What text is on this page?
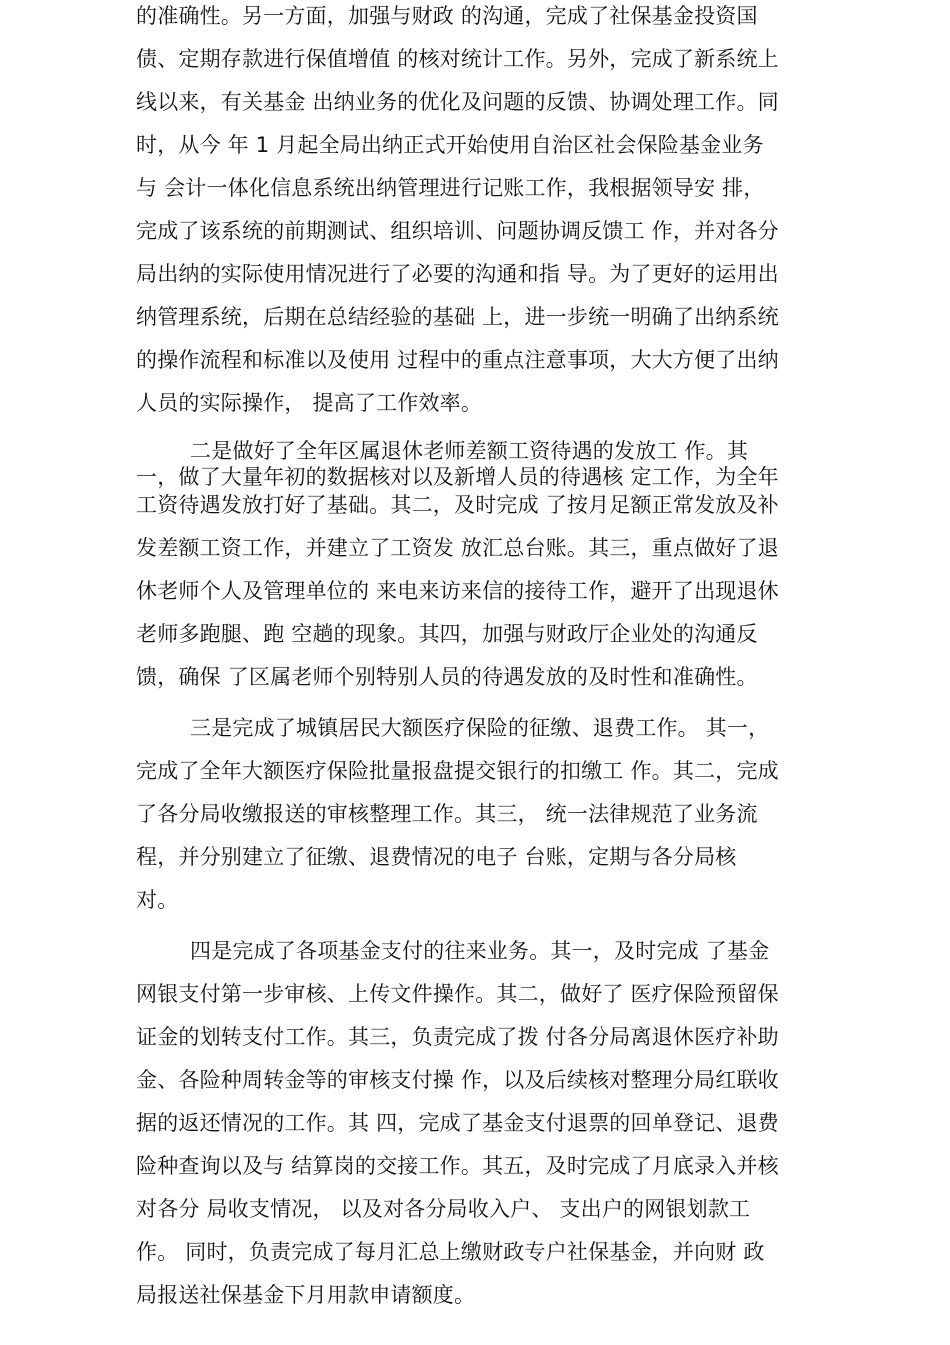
的准确性。另一方面，加强与财政 的沟通，完成了社保基金投资国
债、定期存款进行保值增值 的核对统计工作。另外，完成了新系统上
线以来，有关基金 出纳业务的优化及问题的反馈、协调处理工作。同
时，从今 年 1 月起全局出纳正式开始使用自治区社会保险基金业务
与 会计一体化信息系统出纳管理进行记账工作，我根据领导安 排，
完成了该系统的前期测试、组织培训、问题协调反馈工 作，并对各分
局出纳的实际使用情况进行了必要的沟通和指 导。为了更好的运用出
纳管理系统，后期在总结经验的基础 上，进一步统一明确了出纳系统
的操作流程和标准以及使用 过程中的重点注意事项，大大方便了出纳
人员的实际操作， 提高了工作效率。
二是做好了全年区属退休老师差额工资待遇的发放工 作。其
一，做了大量年初的数据核对以及新增人员的待遇核 定工作，为全年
工资待遇发放打好了基础。其二，及时完成 了按月足额正常发放及补
发差额工资工作，并建立了工资发 放汇总台账。其三，重点做好了退
休老师个人及管理单位的 来电来访来信的接待工作，避开了出现退休
老师多跑腿、跑 空趟的现象。其四，加强与财政厅企业处的沟通反
馈，确保 了区属老师个别特别人员的待遇发放的及时性和准确性。
三是完成了城镇居民大额医疗保险的征缴、退费工作。 其一，
完成了全年大额医疗保险批量报盘提交银行的扣缴工 作。其二，完成
了各分局收缴报送的审核整理工作。其三， 统一法律规范了业务流
程，并分别建立了征缴、退费情况的电子 台账，定期与各分局核
对。
四是完成了各项基金支付的往来业务。其一，及时完成 了基金
网银支付第一步审核、上传文件操作。其二，做好了 医疗保险预留保
证金的划转支付工作。其三，负责完成了拨 付各分局离退休医疗补助
金、各险种周转金等的审核支付操 作，以及后续核对整理分局红联收
据的返还情况的工作。其 四，完成了基金支付退票的回单登记、退费
险种查询以及与 结算岗的交接工作。其五，及时完成了月底录入并核
对各分 局收支情况， 以及对各分局收入户、 支出户的网银划款工
作。 同时，负责完成了每月汇总上缴财政专户社保基金，并向财 政
局报送社保基金下月用款申请额度。
